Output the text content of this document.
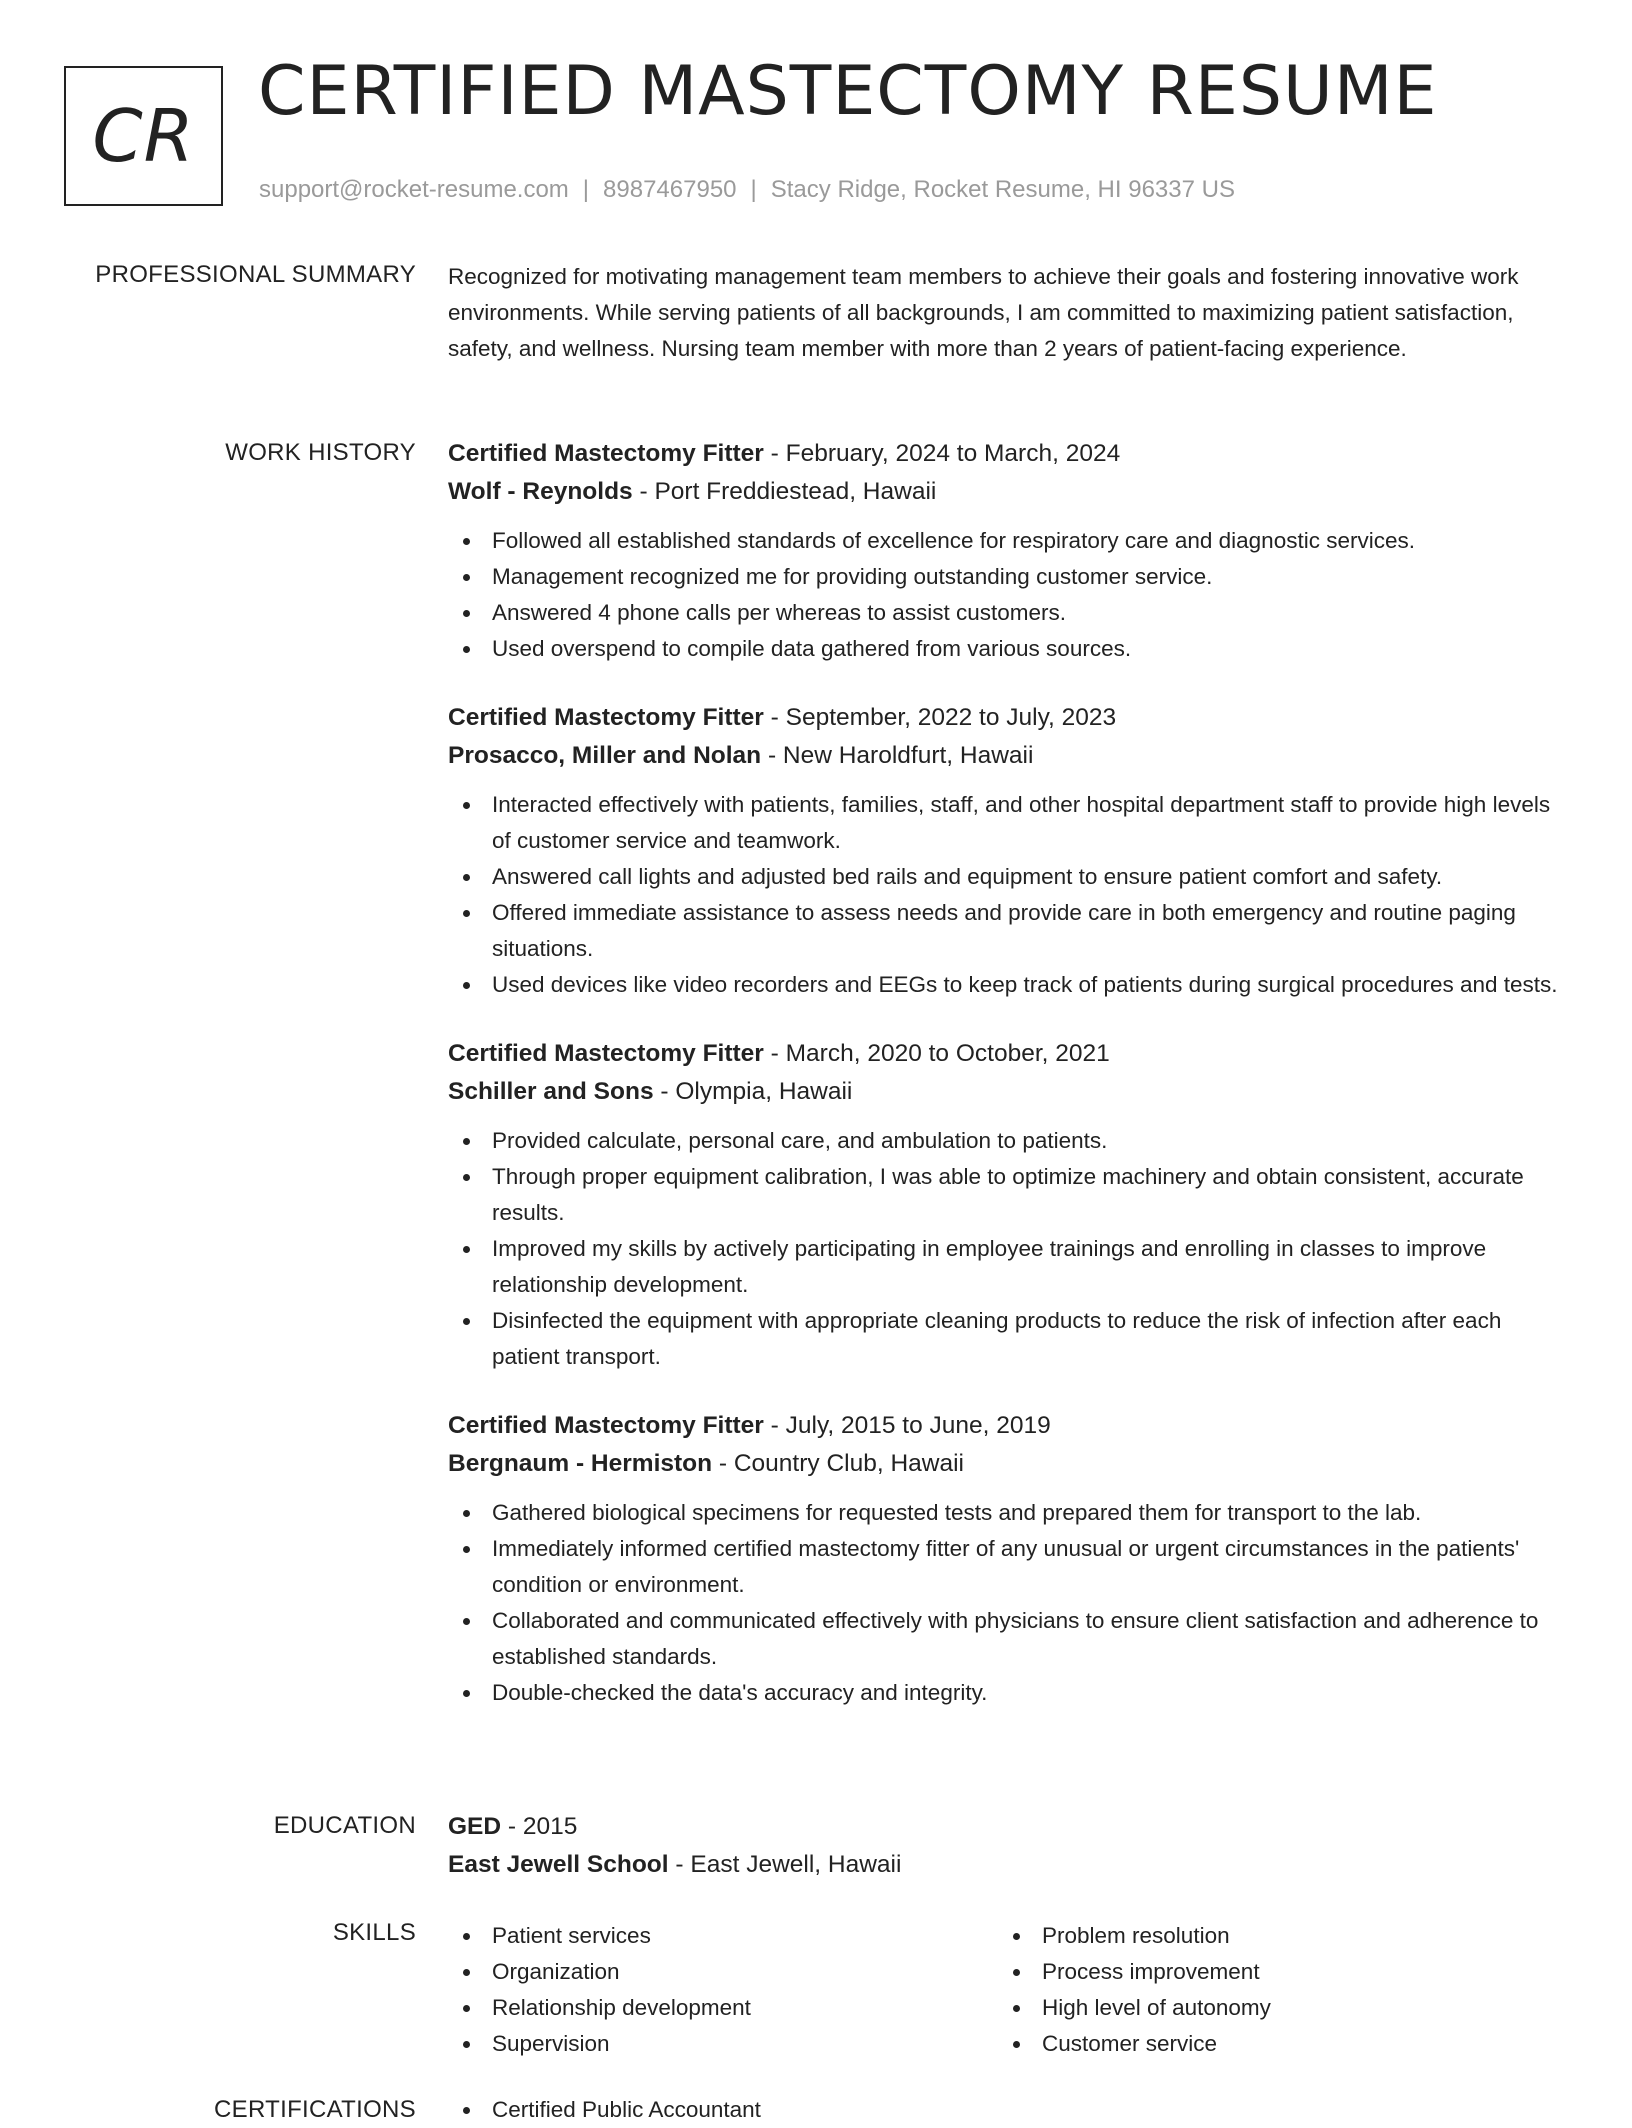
CR
CERTIFIED MASTECTOMY RESUME
support@rocket-resume.com | 8987467950 | Stacy Ridge, Rocket Resume, HI 96337 US
PROFESSIONAL SUMMARY Recognized for motivating management team members to achieve their goals and fostering innovative work environments. While serving patients of all backgrounds, I am committed to maximizing patient satisfaction, safety, and wellness. Nursing team member with more than 2 years of patient-facing experience.

WORK HISTORY Certified Mastectomy Fitter - February, 2024 to March, 2024
Wolf - Reynolds - Port Freddiestead, Hawaii
Followed all established standards of excellence for respiratory care and diagnostic services.
Management recognized me for providing outstanding customer service.
Answered 4 phone calls per whereas to assist customers.
Used overspend to compile data gathered from various sources.
Certified Mastectomy Fitter - September, 2022 to July, 2023
Prosacco, Miller and Nolan - New Haroldfurt, Hawaii
Interacted effectively with patients, families, staff, and other hospital department staff to provide high levels of customer service and teamwork.
Answered call lights and adjusted bed rails and equipment to ensure patient comfort and safety.
Offered immediate assistance to assess needs and provide care in both emergency and routine paging situations.
Used devices like video recorders and EEGs to keep track of patients during surgical procedures and tests.
Certified Mastectomy Fitter - March, 2020 to October, 2021
Schiller and Sons - Olympia, Hawaii
Provided calculate, personal care, and ambulation to patients.
Through proper equipment calibration, I was able to optimize machinery and obtain consistent, accurate results.
Improved my skills by actively participating in employee trainings and enrolling in classes to improve relationship development.
Disinfected the equipment with appropriate cleaning products to reduce the risk of infection after each patient transport.
Certified Mastectomy Fitter - July, 2015 to June, 2019
Bergnaum - Hermiston - Country Club, Hawaii
Gathered biological specimens for requested tests and prepared them for transport to the lab.
Immediately informed certified mastectomy fitter of any unusual or urgent circumstances in the patients' condition or environment.
Collaborated and communicated effectively with physicians to ensure client satisfaction and adherence to established standards.
Double-checked the data's accuracy and integrity.
EDUCATION GED - 2015
East Jewell School - East Jewell, Hawaii
SKILLS	Patient services
Organization
Relationship development
Supervision
Problem resolution
Process improvement
High level of autonomy
Customer service
CERTIFICATIONS	Certified Public Accountant
